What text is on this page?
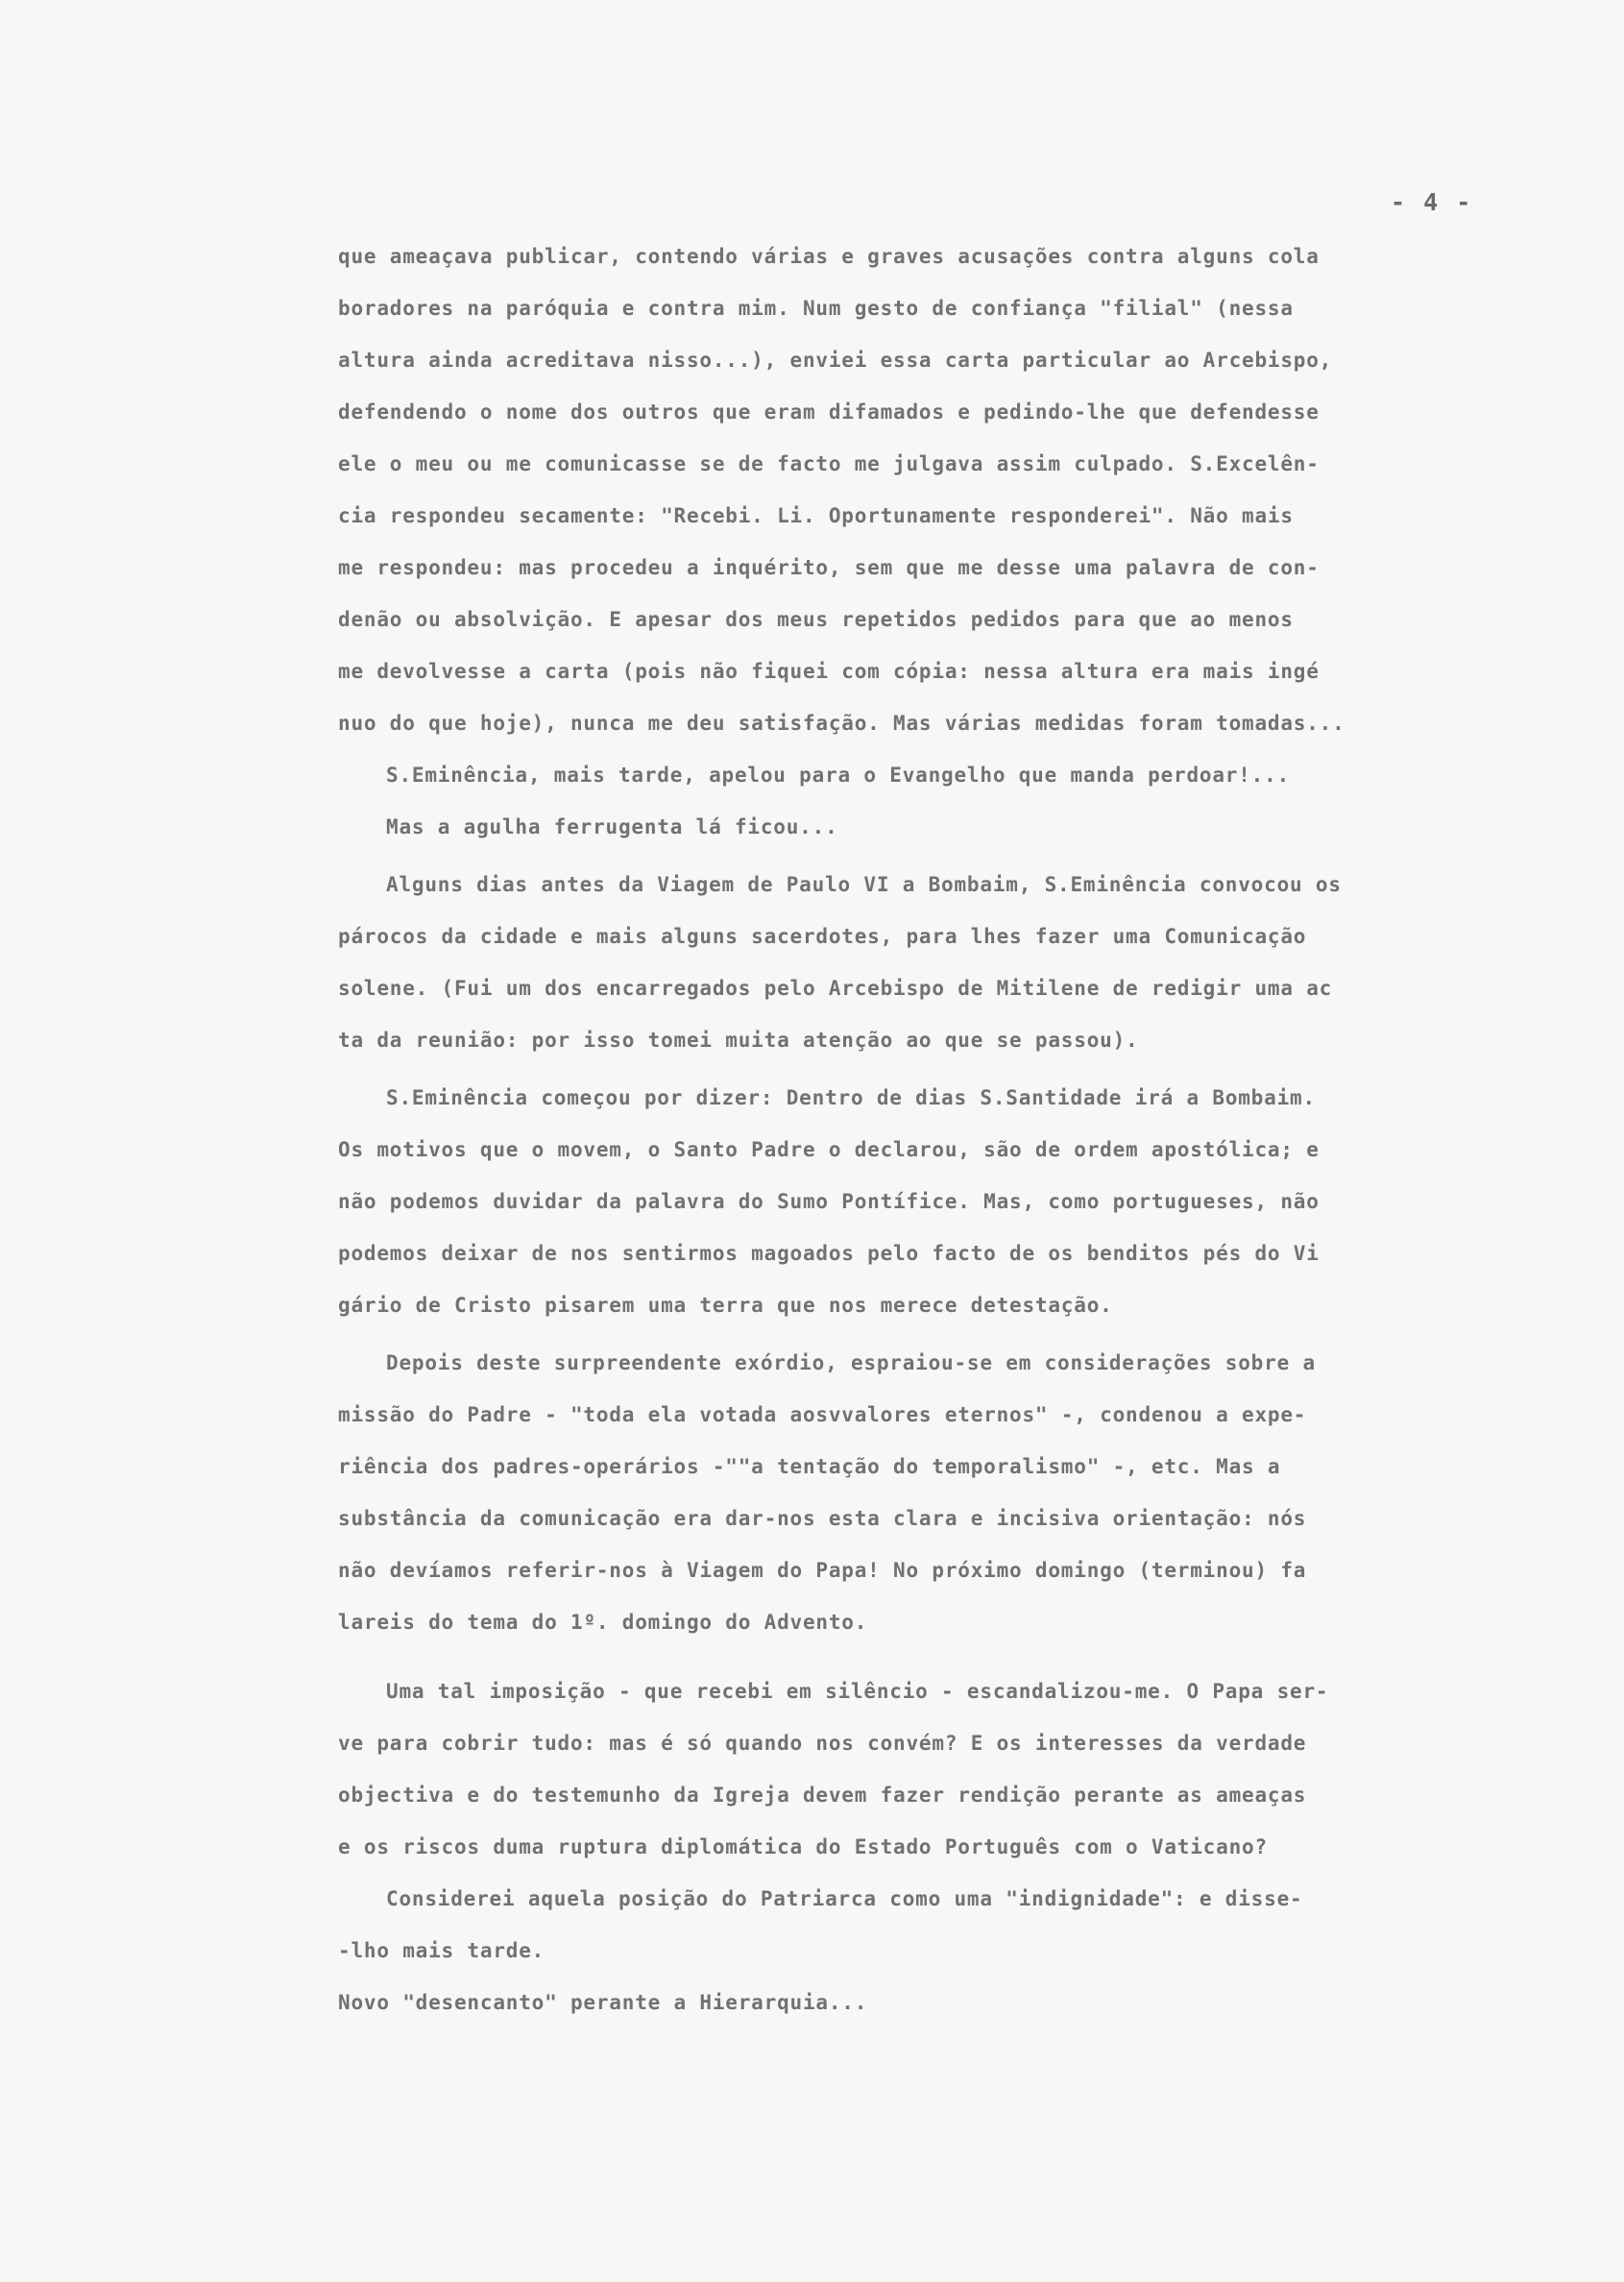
- 4 -
que ameaçava publicar, contendo várias e graves acusações contra alguns cola
boradores na paróquia e contra mim. Num gesto de confiança "filial" (nessa
altura ainda acreditava nisso...), enviei essa carta particular ao Arcebispo,
defendendo o nome dos outros que eram difamados e pedindo-lhe que defendesse
ele o meu ou me comunicasse se de facto me julgava assim culpado. S.Excelên-
cia respondeu secamente: "Recebi. Li. Oportunamente responderei". Não mais
me respondeu: mas procedeu a inquérito, sem que me desse uma palavra de con-
denão ou absolvição. E apesar dos meus repetidos pedidos para que ao menos
me devolvesse a carta (pois não fiquei com cópia: nessa altura era mais ingé
nuo do que hoje), nunca me deu satisfação. Mas várias medidas foram tomadas...
S.Eminência, mais tarde, apelou para o Evangelho que manda perdoar!...
Mas a agulha ferrugenta lá ficou...
Alguns dias antes da Viagem de Paulo VI a Bombaim, S.Eminência convocou os
párocos da cidade e mais alguns sacerdotes, para lhes fazer uma Comunicação
solene. (Fui um dos encarregados pelo Arcebispo de Mitilene de redigir uma ac
ta da reunião: por isso tomei muita atenção ao que se passou).
S.Eminência começou por dizer: Dentro de dias S.Santidade irá a Bombaim.
Os motivos que o movem, o Santo Padre o declarou, são de ordem apostólica; e
não podemos duvidar da palavra do Sumo Pontífice. Mas, como portugueses, não
podemos deixar de nos sentirmos magoados pelo facto de os benditos pés do Vi
gário de Cristo pisarem uma terra que nos merece detestação.
Depois deste surpreendente exórdio, espraiou-se em considerações sobre a
missão do Padre - "toda ela votada aosvvalores eternos" -, condenou a expe-
riência dos padres-operários -""a tentação do temporalismo" -, etc. Mas a
substância da comunicação era dar-nos esta clara e incisiva orientação: nós
não devíamos referir-nos à Viagem do Papa! No próximo domingo (terminou) fa
lareis do tema do 1º. domingo do Advento.
Uma tal imposição - que recebi em silêncio - escandalizou-me. O Papa ser-
ve para cobrir tudo: mas é só quando nos convém? E os interesses da verdade
objectiva e do testemunho da Igreja devem fazer rendição perante as ameaças
e os riscos duma ruptura diplomática do Estado Português com o Vaticano?
Considerei aquela posição do Patriarca como uma "indignidade": e disse-
-lho mais tarde.
Novo "desencanto" perante a Hierarquia...
